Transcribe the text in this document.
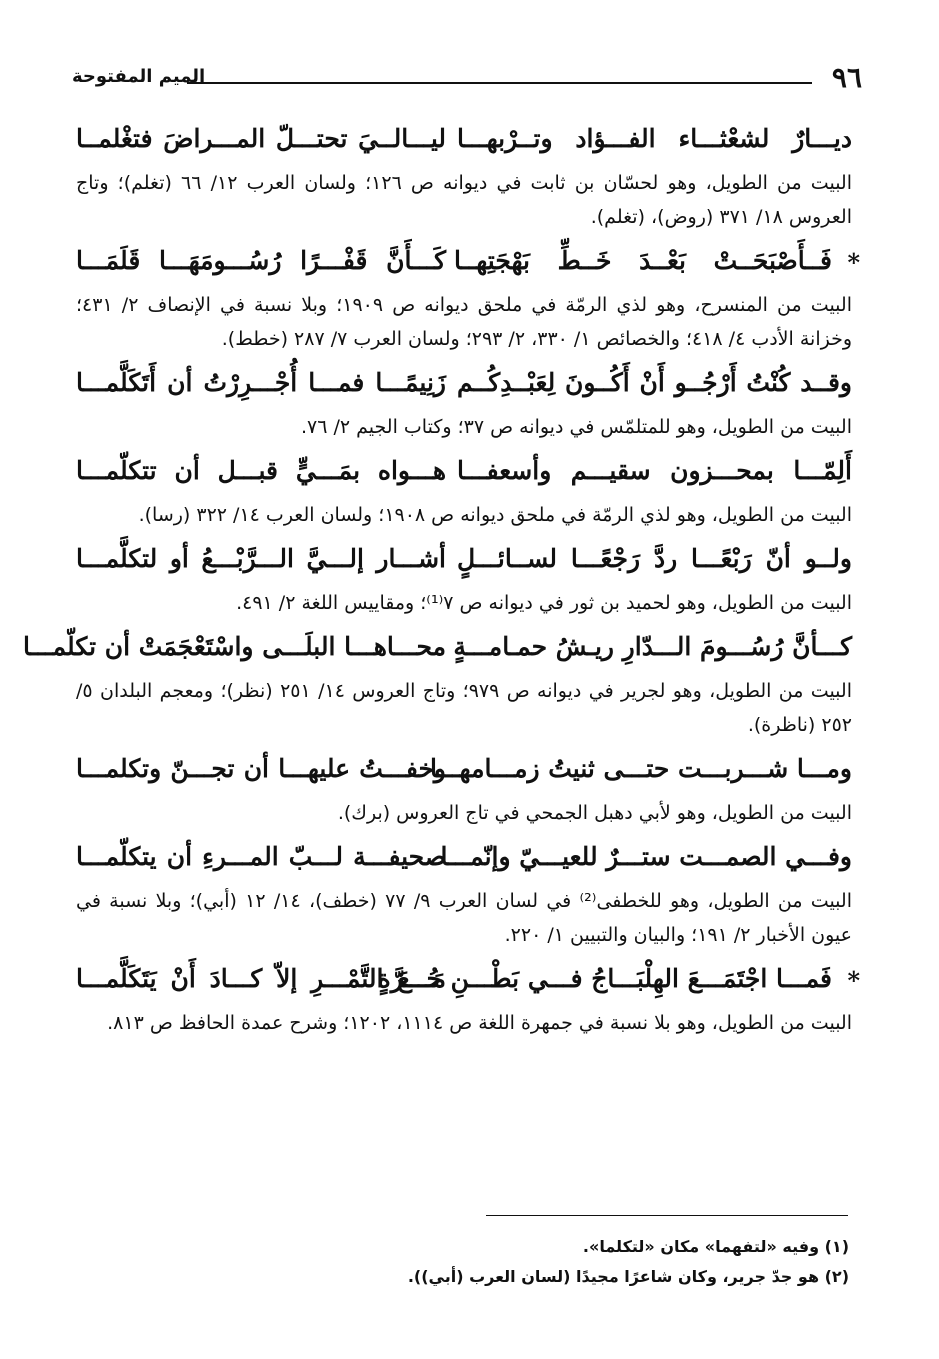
٩٦
الميم المفتوحة
ديـــارٌ لشعْثـــاء الفـــؤاد وتــرْبهـــا
ليـــالــيَ تحتـــلّ المـــراضَ فتغْلمــا

البيت من الطويل، وهو لحسّان بن ثابت في ديوانه ص ١٢٦؛ ولسان العرب ١٢/ ٦٦ (تغلم)؛ وتاج العروس ١٨/ ٣٧١ (روض)، (تغلم).

*
فَــأَصْبَحَــتْ بَعْــدَ خَــطِّ بَهْجَتِهــا
كَـــأَنَّ قَفْـــرًا رُسُـــومَهَـــا قَلَمَـــا

البيت من المنسرح، وهو لذي الرمّة في ملحق ديوانه ص ١٩٠٩؛ وبلا نسبة في الإنصاف ٢/ ٤٣١؛ وخزانة الأدب ٤/ ٤١٨؛ والخصائص ١/ ٣٣٠، ٢/ ٢٩٣؛ ولسان العرب ٧/ ٢٨٧ (خطط).

وقــد كُنْتُ أَرْجُــو أَنْ أَكُــونَ لِعَبْــدِكُــم
زَنِيمًـــا فمـــا أُجْـــرِرْتُ أن أَتَكَلَّمـــا

البيت من الطويل، وهو للمتلمّس في ديوانه ص ٣٧؛ وكتاب الجيم ٢/ ٧٦.

أَلِمّـــا بمحـــزون سقيـــم وأسعفـــا
هـــواه بمَـــيٍّ قبـــل أن تتكلّمـــا

البيت من الطويل، وهو لذي الرمّة في ملحق ديوانه ص ١٩٠٨؛ ولسان العرب ١٤/ ٣٢٢ (رسا).

ولــو أنّ رَبْعًـــا ردَّ رَجْعًـــا لســائـــلٍ
أشـــار إلـــيَّ الـــرَّبْـــعُ أو لتكلَّمـــا

البيت من الطويل، وهو لحميد بن ثور في ديوانه ص ٧⁽¹⁾؛ ومقاييس اللغة ٢/ ٤٩١.

كـــأنَّ رُسُـــومَ الـــدّارِ ريـشُ حمـامـــةٍ
محـــاهـــا البلَـــى واسْتَعْجَمَتْ أن تكلّمـــا

البيت من الطويل، وهو لجرير في ديوانه ص ٩٧٩؛ وتاج العروس ١٤/ ٢٥١ (نظر)؛ ومعجم البلدان ٥/ ٢٥٢ (ناظرة).

ومـــا شـــربـــت حتـــى ثنيتُ زمـــامهـــا
وخفـــتُ عليهـــا أن تجـــنّ وتكلمـــا

البيت من الطويل، وهو لأبي دهبل الجمحي في تاج العروس (برك).

وفـــي الصمـــت ستـــرٌ للعيـــيّ وإنّمـــا
صحيفـــة لـــبّ المـــرءِ أن يتكلّمـــا

البيت من الطويل، وهو للخطفى⁽²⁾ في لسان العرب ٩/ ٧٧ (خطف)، ١٤/ ١٢ (أبي)؛ وبلا نسبة في عيون الأخبار ٢/ ١٩١؛ والبيان والتبيين ١/ ٢٢٠.

*
فَمـــا اجْتَمَـــعَ الهِلْبَـــاجُ فـــي بَطْـــنِ حُـــرَّةٍ
مَـــعَ التَّمْـــرِ إلاّ كـــادَ أَنْ يَتَكَلَّمـــا

البيت من الطويل، وهو بلا نسبة في جمهرة اللغة ص ١١١٤، ١٢٠٢؛ وشرح عمدة الحافظ ص ٨١٣.

(١) وفيه «لتفهما» مكان «لتكلما».

(٢) هو جدّ جرير، وكان شاعرًا مجيدًا (لسان العرب (أبي)).
